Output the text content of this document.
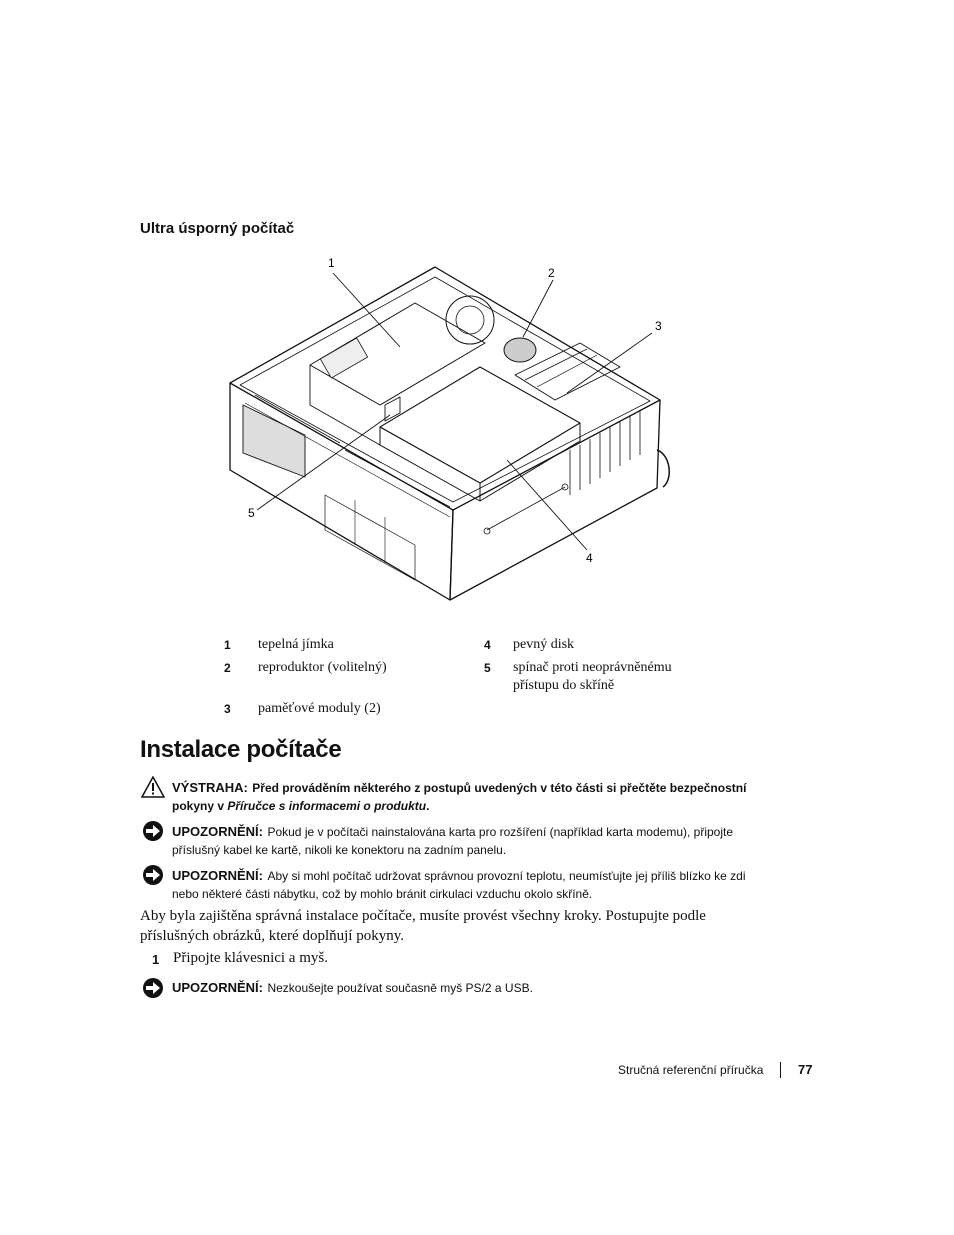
Ultra úsporný počítač
1
2
3
4
5
1 tepelná jímka
2 reproduktor (volitelný)
3 paměťové moduly (2)
4 pevný disk
5 spínač proti neoprávněnému
přístupu do skříně
Instalace počítače
VÝSTRAHA: Před prováděním některého z postupů uvedených v této části si přečtěte bezpečnostní
pokyny v Příručce s informacemi o produktu.
UPOZORNĚNÍ: Pokud je v počítači nainstalována karta pro rozšíření (například karta modemu), připojte
příslušný kabel ke kartě, nikoli ke konektoru na zadním panelu.
UPOZORNĚNÍ: Aby si mohl počítač udržovat správnou provozní teplotu, neumísťujte jej příliš blízko ke zdi
nebo některé části nábytku, což by mohlo bránit cirkulaci vzduchu okolo skříně.
Aby byla zajištěna správná instalace počítače, musíte provést všechny kroky. Postupujte podle
příslušných obrázků, které doplňují pokyny.
1 Připojte klávesnici a myš.
UPOZORNĚNÍ: Nezkoušejte používat současně myš PS/2 a USB.
Stručná referenční příručka	77
